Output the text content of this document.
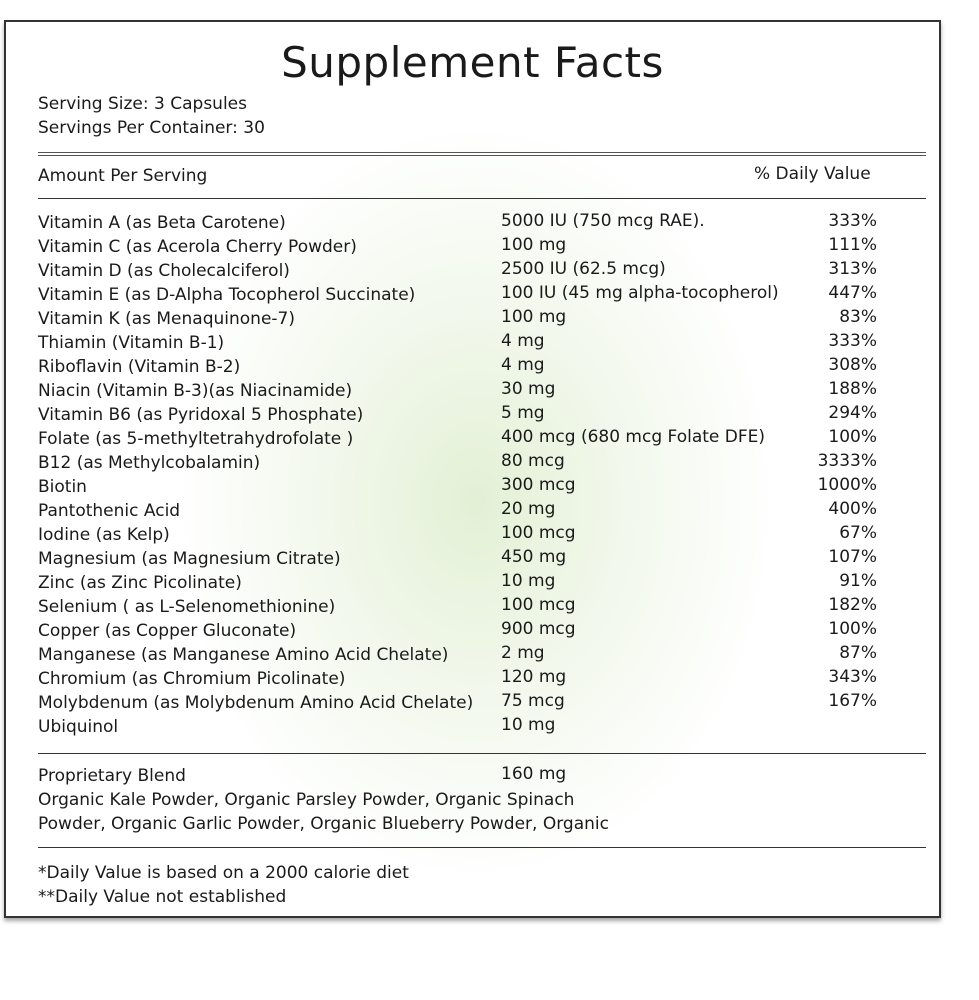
Supplement Facts
Serving Size: 3 Capsules
Servings Per Container: 30
Amount Per Serving	% Daily Value
Vitamin A (as Beta Carotene)	5000 IU (750 mcg RAE).	333%
Vitamin C (as Acerola Cherry Powder)	100 mg	111%
Vitamin D (as Cholecalciferol)	2500 IU (62.5 mcg)	313%
Vitamin E (as D-Alpha Tocopherol Succinate)	100 IU (45 mg alpha-tocopherol)	447%
Vitamin K (as Menaquinone-7)	100 mg	83%
Thiamin (Vitamin B-1)	4 mg	333%
Riboflavin (Vitamin B-2)	4 mg	308%
Niacin (Vitamin B-3)(as Niacinamide)	30 mg	188%
Vitamin B6 (as Pyridoxal 5 Phosphate)	5 mg	294%
Folate (as 5-methyltetrahydrofolate )	400 mcg (680 mcg Folate DFE)	100%
B12 (as Methylcobalamin)	80 mcg	3333%
Biotin	300 mcg	1000%
Pantothenic Acid	20 mg	400%
Iodine (as Kelp)	100 mcg	67%
Magnesium (as Magnesium Citrate)	450 mg	107%
Zinc (as Zinc Picolinate)	10 mg	91%
Selenium ( as L-Selenomethionine)	100 mcg	182%
Copper (as Copper Gluconate)	900 mcg	100%
Manganese (as Manganese Amino Acid Chelate)	2 mg	87%
Chromium (as Chromium Picolinate)	120 mg	343%
Molybdenum (as Molybdenum Amino Acid Chelate) 75 mcg	167%
Ubiquinol	10 mg
Proprietary Blend	160 mg
Organic Kale Powder, Organic Parsley Powder, Organic Spinach
Powder, Organic Garlic Powder, Organic Blueberry Powder, Organic
*Daily Value is based on a 2000 calorie diet
**Daily Value not established
